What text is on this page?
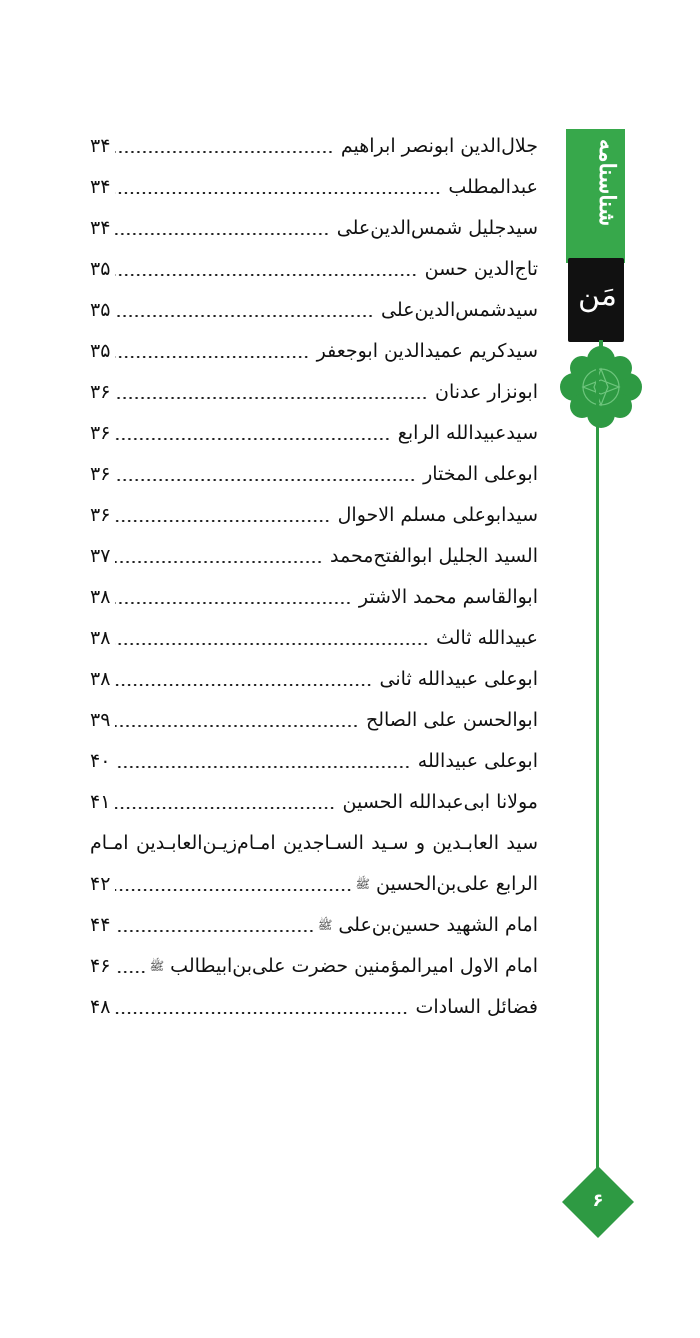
شناسنامه
مَن
۶
جلال‌الدین ابونصر ابراهیم
۳۴
عبدالمطلب
۳۴
سیدجلیل شمس‌الدین‌علی
۳۴
تاج‌الدین حسن
۳۵
سیدشمس‌الدین‌علی
۳۵
سیدکریم عمیدالدین ابوجعفر
۳۵
ابونزار عدنان
۳۶
سیدعبیدالله الرابع
۳۶
ابوعلی المختار
۳۶
سیدابوعلی مسلم الاحوال
۳۶
السید الجلیل ابوالفتح‌محمد
۳۷
ابوالقاسم محمد الاشتر
۳۸
عبیدالله ثالث
۳۸
ابوعلی عبیدالله ثانی
۳۸
ابوالحسن علی الصالح
۳۹
ابوعلی عبیدالله
۴۰
مولانا ابی‌عبدالله الحسین
۴۱
سید العابـدین و سـید السـاجدین امـام‌زیـن‌العابـدین امـام
الرابع علی‌بن‌الحسین
ﷺ
۴۲
امام الشهید حسین‌بن‌علی
ﷺ
۴۴
امام الاول امیرالمؤمنین حضرت علی‌بن‌ابیطالب
ﷺ
۴۶
فضائل السادات
۴۸
